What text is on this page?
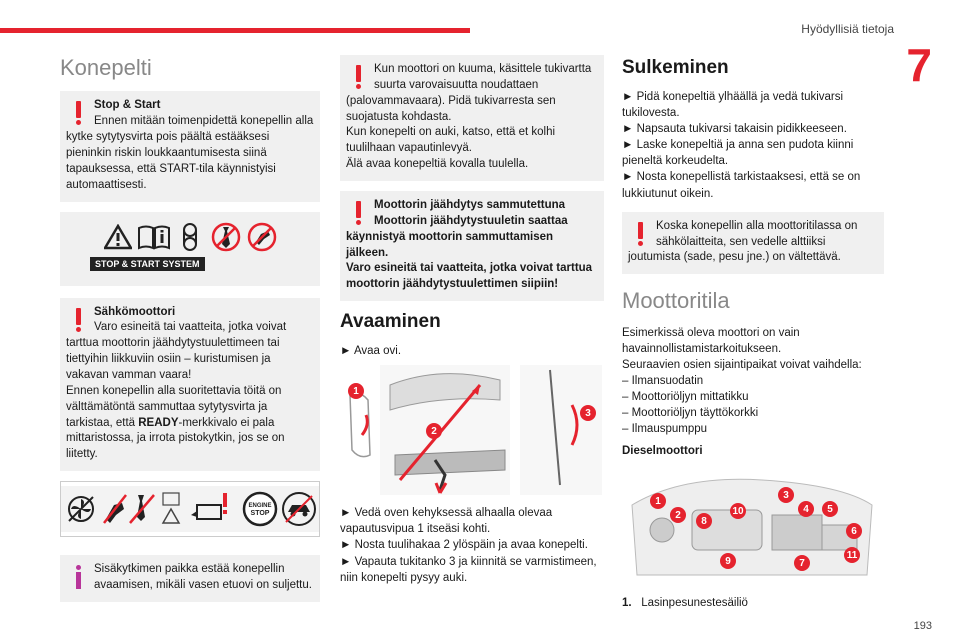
Hyödyllisiä tietoja
7
Konepelti
Stop & Start
Ennen mitään toimenpidettä konepellin alla kytke sytytysvirta pois päältä estääksesi pieninkin riskin loukkaantumisesta siinä tapauksessa, että START-tila käynnistyisi automaattisesti.
STOP & START SYSTEM
Sähkömoottori
Varo esineitä tai vaatteita, jotka voivat tarttua moottorin jäähdytystuulettimeen tai tiettyihin liikkuviin osiin – kuristumisen ja vakavan vamman vaara!
Ennen konepellin alla suoritettavia töitä on välttämätöntä sammuttaa sytytysvirta ja tarkistaa, että READY-merkkivalo ei pala mittaristossa, ja irrota pistokytkin, jos se on liitetty.
ENGINE
STOP
Sisäkytkimen paikka estää konepellin avaamisen, mikäli vasen etuovi on suljettu.
Kun moottori on kuuma, käsittele tukivartta suurta varovaisuutta noudattaen (palovammavaara). Pidä tukivarresta sen suojatusta kohdasta.
Kun konepelti on auki, katso, että et kolhi tuulilhaan vapautinlevyä.
Älä avaa konepeltiä kovalla tuulella.
Moottorin jäähdytys sammutettuna
Moottorin jäähdytystuuletin saattaa käynnistyä moottorin sammuttamisen jälkeen.
Varo esineitä tai vaatteita, jotka voivat tarttua moottorin jäähdytystuulettimen siipiin!
Avaaminen

► Avaa ovi.

1
2
3

► Vedä oven kehyksessä alhaalla olevaa vapautusvipua 1 itseäsi kohti.

► Nosta tuulihakaa 2 ylöspäin ja avaa konepelti.

► Vapauta tukitanko 3 ja kiinnitä se varmistimeen, niin konepelti pysyy auki.

Sulkeminen

► Pidä konepeltiä ylhäällä ja vedä tukivarsi tukilovesta.

► Napsauta tukivarsi takaisin pidikkeeseen.

► Laske konepeltiä ja anna sen pudota kiinni pieneltä korkeudelta.

► Nosta konepellistä tarkistaaksesi, että se on lukkiutunut oikein.

Koska konepellin alla moottoritilassa on sähkölaitteita, sen vedelle alttiiksi joutumista (sade, pesu jne.) on vältettävä.
Moottoritila

Esimerkissä oleva moottori on vain havainnollistamistarkoitukseen.

Seuraavien osien sijaintipaikat voivat vaihdella:

– Ilmansuodatin
– Moottoriöljyn mittatikku
– Moottoriöljyn täyttökorkki
– Ilmauspumppu

Dieselmoottori

1
2
8
10
3
4	5
6
9	7
11

1. Lasinpesunestesäiliö

193
